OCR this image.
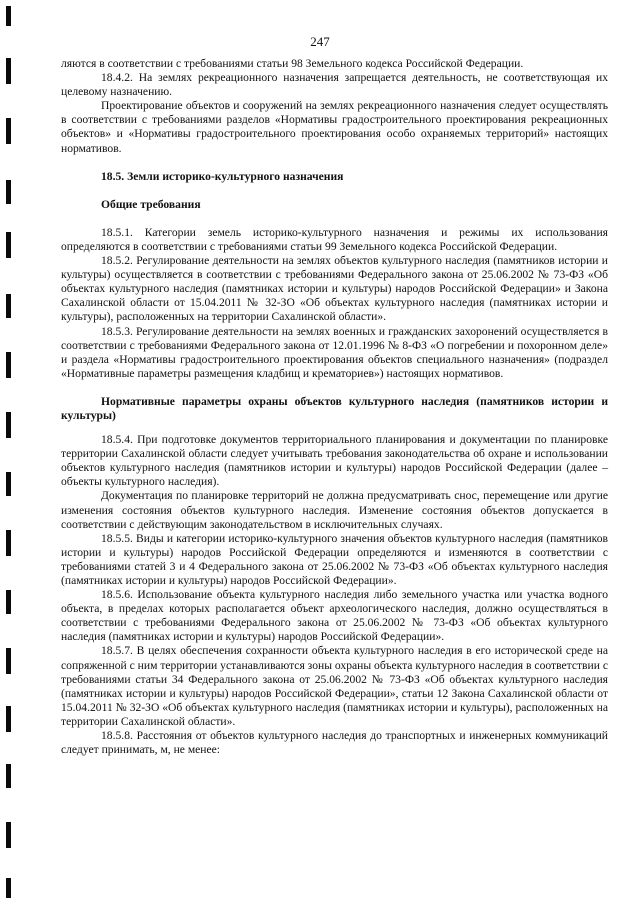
247

ляются в соответствии с требованиями статьи 98 Земельного кодекса Российской Федерации.

18.4.2. На землях рекреационного назначения запрещается деятельность, не соответствующая их целевому назначению.

Проектирование объектов и сооружений на землях рекреационного назначения следует осуществлять в соответствии с требованиями разделов «Нормативы градостроительного проектирования рекреационных объектов» и «Нормативы градостроительного проектирования особо охраняемых территорий» настоящих нормативов.

18.5. Земли историко-культурного назначения

Общие требования

18.5.1. Категории земель историко-культурного назначения и режимы их использования определяются в соответствии с требованиями статьи 99 Земельного кодекса Российской Федерации.

18.5.2. Регулирование деятельности на землях объектов культурного наследия (памятников истории и культуры) осуществляется в соответствии с требованиями Федерального закона от 25.06.2002 № 73-ФЗ «Об объектах культурного наследия (памятниках истории и культуры) народов Российской Федерации» и Закона Сахалинской области от 15.04.2011 № 32-ЗО «Об объектах культурного наследия (памятниках истории и культуры), расположенных на территории Сахалинской области».

18.5.3. Регулирование деятельности на землях военных и гражданских захоронений осуществляется в соответствии с требованиями Федерального закона от 12.01.1996 № 8-ФЗ «О погребении и похоронном деле» и раздела «Нормативы градостроительного проектирования объектов специального назначения» (подраздел «Нормативные параметры размещения кладбищ и крематориев») настоящих нормативов.

Нормативные параметры охраны объектов культурного наследия (памятников истории и культуры)

18.5.4. При подготовке документов территориального планирования и документации по планировке территории Сахалинской области следует учитывать требования законодательства об охране и использовании объектов культурного наследия (памятников истории и культуры) народов Российской Федерации (далее – объекты культурного наследия).

Документация по планировке территорий не должна предусматривать снос, перемещение или другие изменения состояния объектов культурного наследия. Изменение состояния объектов допускается в соответствии с действующим законодательством в исключительных случаях.

18.5.5. Виды и категории историко-культурного значения объектов культурного наследия (памятников истории и культуры) народов Российской Федерации определяются и изменяются в соответствии с требованиями статей 3 и 4 Федерального закона от 25.06.2002 № 73-ФЗ «Об объектах культурного наследия (памятниках истории и культуры) народов Российской Федерации».

18.5.6. Использование объекта культурного наследия либо земельного участка или участка водного объекта, в пределах которых располагается объект археологического наследия, должно осуществляться в соответствии с требованиями Федерального закона от 25.06.2002 № 73-ФЗ «Об объектах культурного наследия (памятниках истории и культуры) народов Российской Федерации».

18.5.7. В целях обеспечения сохранности объекта культурного наследия в его исторической среде на сопряженной с ним территории устанавливаются зоны охраны объекта культурного наследия в соответствии с требованиями статьи 34 Федерального закона от 25.06.2002 № 73-ФЗ «Об объектах культурного наследия (памятниках истории и культуры) народов Российской Федерации», статьи 12 Закона Сахалинской области от 15.04.2011 № 32-ЗО «Об объектах культурного наследия (памятниках истории и культуры), расположенных на территории Сахалинской области».

18.5.8. Расстояния от объектов культурного наследия до транспортных и инженерных коммуникаций следует принимать, м, не менее:
